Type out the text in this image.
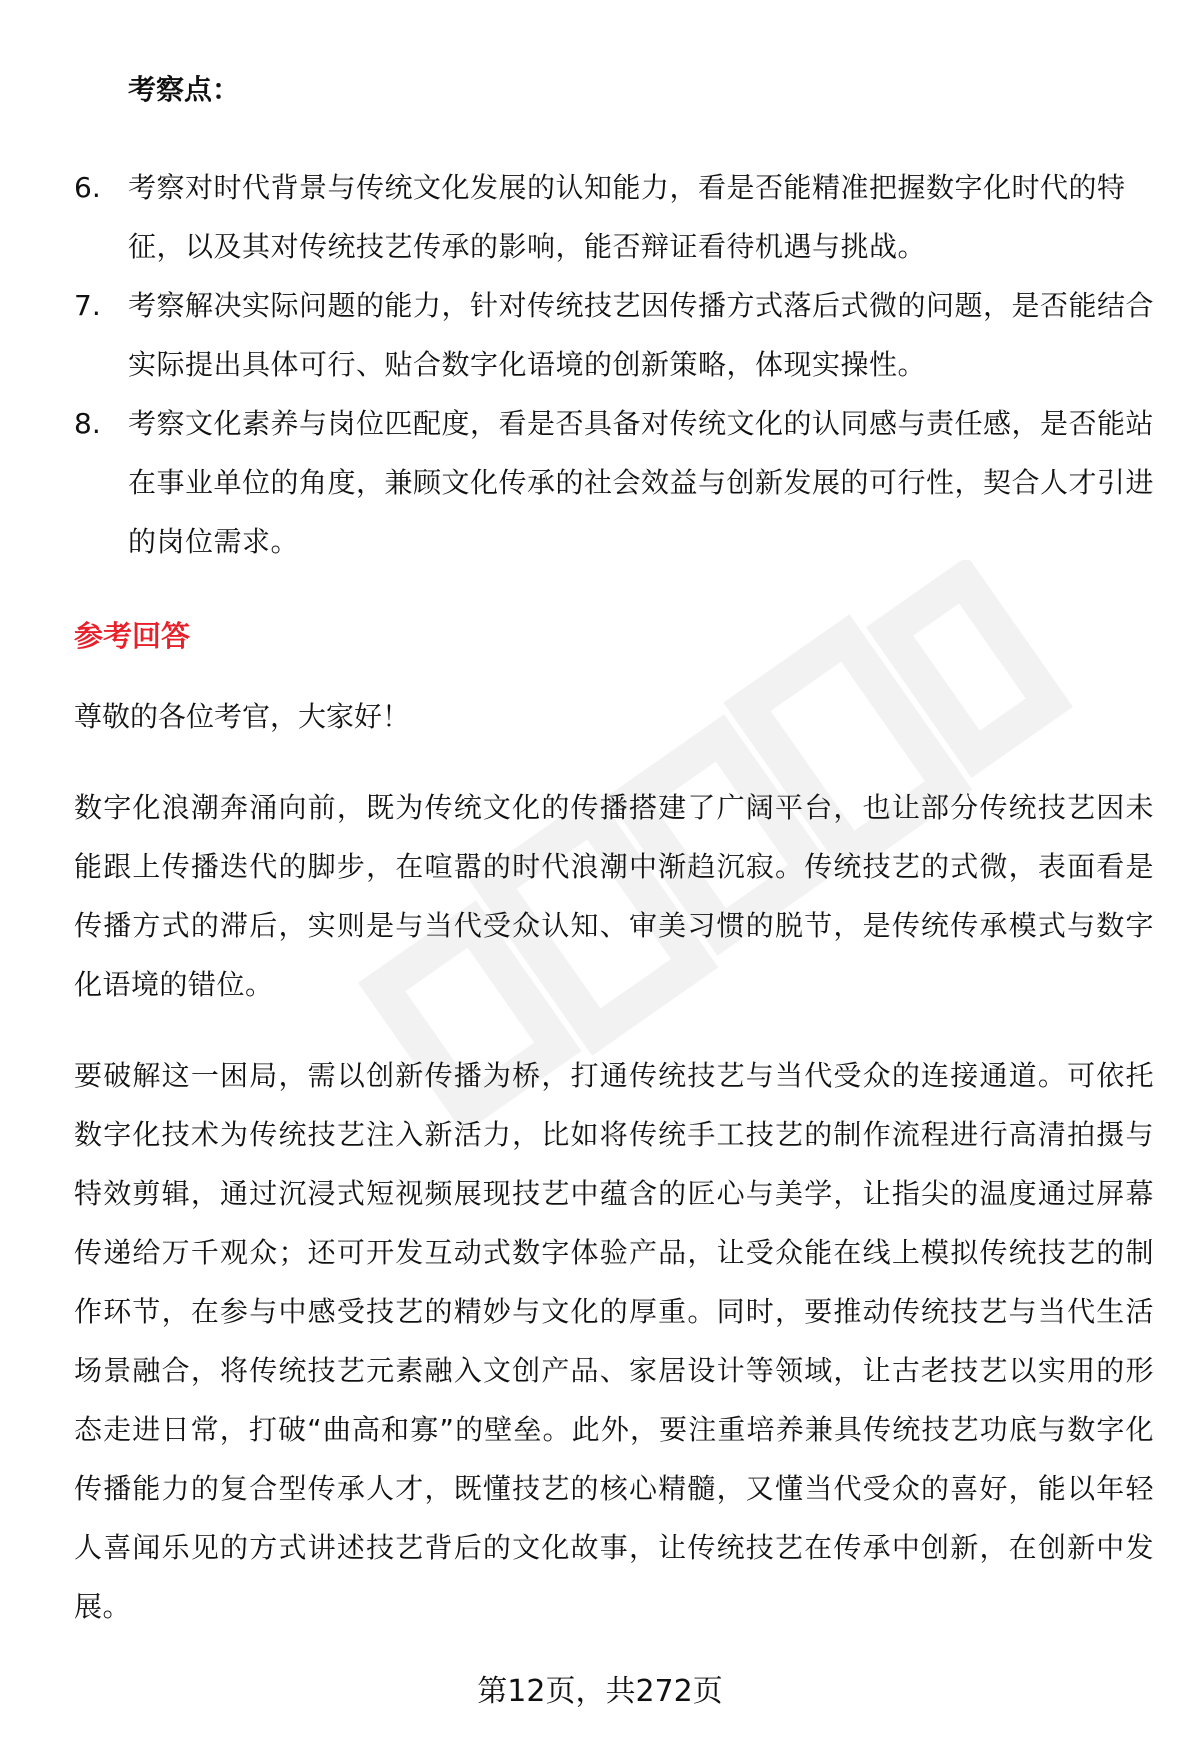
考察点：
6. 考察对时代背景与传统文化发展的认知能力，看是否能精准把握数字化时代的特征，以及其对传统技艺传承的影响，能否辩证看待机遇与挑战。
7. 考察解决实际问题的能力，针对传统技艺因传播方式落后式微的问题，是否能结合实际提出具体可行、贴合数字化语境的创新策略，体现实操性。
8. 考察文化素养与岗位匹配度，看是否具备对传统文化的认同感与责任感，是否能站在事业单位的角度，兼顾文化传承的社会效益与创新发展的可行性，契合人才引进的岗位需求。
参考回答
尊敬的各位考官，大家好！
数字化浪潮奔涌向前，既为传统文化的传播搭建了广阔平台，也让部分传统技艺因未能跟上传播迭代的脚步，在喧嚣的时代浪潮中渐趋沉寂。传统技艺的式微，表面看是传播方式的滞后，实则是与当代受众认知、审美习惯的脱节，是传统传承模式与数字化语境的错位。
要破解这一困局，需以创新传播为桥，打通传统技艺与当代受众的连接通道。可依托数字化技术为传统技艺注入新活力，比如将传统手工技艺的制作流程进行高清拍摄与特效剪辑，通过沉浸式短视频展现技艺中蕴含的匠心与美学，让指尖的温度通过屏幕传递给万千观众；还可开发互动式数字体验产品，让受众能在线上模拟传统技艺的制作环节，在参与中感受技艺的精妙与文化的厚重。同时，要推动传统技艺与当代生活场景融合，将传统技艺元素融入文创产品、家居设计等领域，让古老技艺以实用的形态走进日常，打破“曲高和寡”的壁垒。此外，要注重培养兼具传统技艺功底与数字化传播能力的复合型传承人才，既懂技艺的核心精髓，又懂当代受众的喜好，能以年轻人喜闻乐见的方式讲述技艺背后的文化故事，让传统技艺在传承中创新，在创新中发展。
第12页，共272页
